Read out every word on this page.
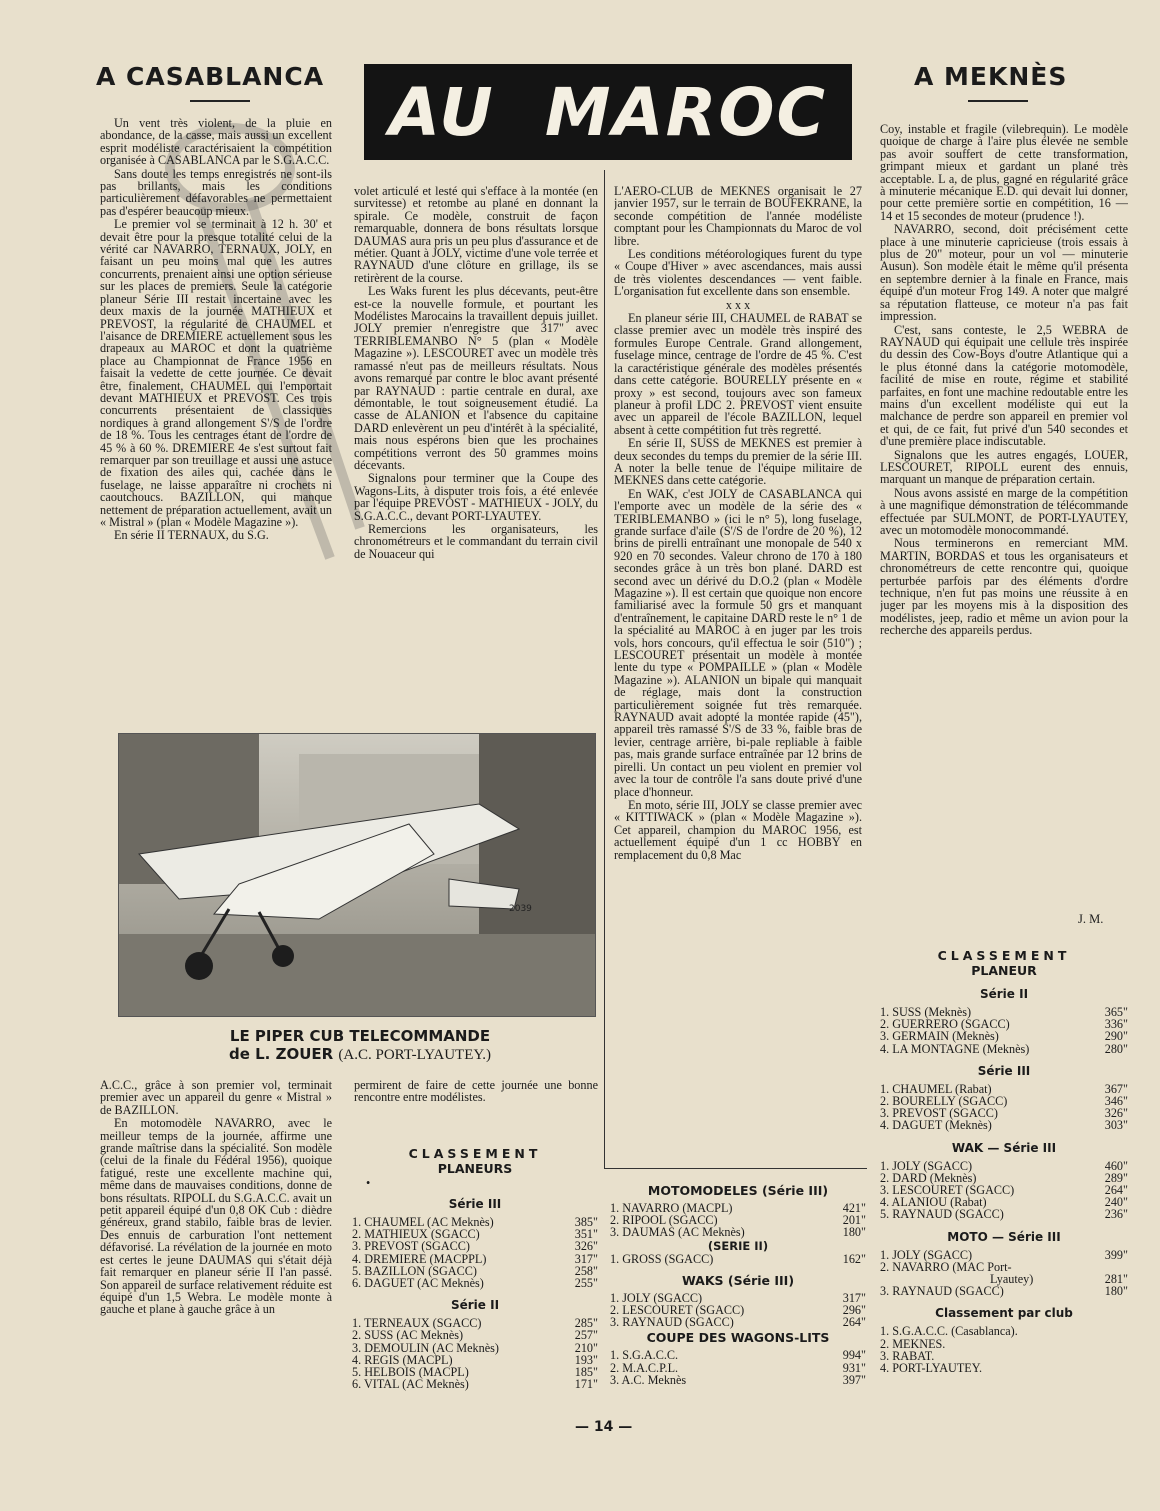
A CASABLANCA AU MAROC	A MEKNÈS

Un vent très violent, de la pluie en abondance, de la casse, mais aussi un excellent esprit modéliste caractérisaient la compétition organisée à CASABLANCA par le S.G.A.C.C.

Sans doute les temps enregistrés ne sont-ils pas brillants, mais les conditions particulièrement défavorables ne permettaient pas d'espérer beaucoup mieux.

Le premier vol se terminait à 12 h. 30' et devait être pour la presque totalité celui de la vérité car NAVARRO, TERNAUX, JOLY, en faisant un peu moins mal que les autres concurrents, prenaient ainsi une option sérieuse sur les places de premiers. Seule la catégorie planeur Série III restait incertaine avec les deux maxis de la journée MATHIEUX et PREVOST, la régularité de CHAUMEL et l'aisance de DREMIERE actuellement sous les drapeaux au MAROC et dont la quatrième place au Championnat de France 1956 en faisait la vedette de cette journée. Ce devait être, finalement, CHAUMEL qui l'emportait devant MATHIEUX et PREVOST. Ces trois concurrents présentaient de classiques nordiques à grand allongement S'/S de l'ordre de 18 %. Tous les centrages étant de l'ordre de 45 % à 60 %. DREMIERE 4e s'est surtout fait remarquer par son treuillage et aussi une astuce de fixation des ailes qui, cachée dans le fuselage, ne laisse apparaître ni crochets ni caoutchoucs. BAZILLON, qui manque nettement de préparation actuellement, avait un « Mistral » (plan « Modèle Magazine »).

En série II TERNAUX, du S.G.

volet articulé et lesté qui s'efface à la montée (en survitesse) et retombe au plané en donnant la spirale. Ce modèle, construit de façon remarquable, donnera de bons résultats lorsque DAUMAS aura pris un peu plus d'assurance et de métier. Quant à JOLY, victime d'une vole terrée et RAYNAUD d'une clôture en grillage, ils se retirèrent de la course.

Les Waks furent les plus décevants, peut-être est-ce la nouvelle formule, et pourtant les Modélistes Marocains la travaillent depuis juillet. JOLY premier n'enregistre que 317" avec TERRIBLEMANBO N° 5 (plan « Modèle Magazine »). LESCOURET avec un modèle très ramassé n'eut pas de meilleurs résultats. Nous avons remarqué par contre le bloc avant présenté par RAYNAUD : partie centrale en dural, axe démontable, le tout soigneusement étudié. La casse de ALANION et l'absence du capitaine DARD enlevèrent un peu d'intérêt à la spécialité, mais nous espérons bien que les prochaines compétitions verront des 50 grammes moins décevants.

Signalons pour terminer que la Coupe des Wagons-Lits, à disputer trois fois, a été enlevée par l'équipe PREVOST - MATHIEUX - JOLY, du S.G.A.C.C., devant PORT-LYAUTEY.

Remercions les organisateurs, les chronométreurs et le commandant du terrain civil de Nouaceur qui

2039
LE PIPER CUB TELECOMMANDE
de L. ZOUER (A.C. PORT-LYAUTEY.)

A.C.C., grâce à son premier vol, terminait premier avec un appareil du genre « Mistral » de BAZILLON.

En motomodèle NAVARRO, avec le meilleur temps de la journée, affirme une grande maîtrise dans la spécialité. Son modèle (celui de la finale du Fédéral 1956), quoique fatigué, reste une excellente machine qui, même dans de mauvaises conditions, donne de bons résultats. RIPOLL du S.G.A.C.C. avait un petit appareil équipé d'un 0,8 OK Cub : dièdre généreux, grand stabilo, faible bras de levier. Des ennuis de carburation l'ont nettement défavorisé. La révélation de la journée en moto est certes le jeune DAUMAS qui s'était déjà fait remarquer en planeur série II l'an passé. Son appareil de surface relativement réduite est équipé d'un 1,5 Webra. Le modèle monte à gauche et plane à gauche grâce à un

permirent de faire de cette journée une bonne rencontre entre modélistes.

CLASSEMENT
PLANEURS
•
Série III
1. CHAUMEL (AC Meknès)	385"
2. MATHIEUX (SGACC)	351"
3. PREVOST (SGACC)	326"
4. DREMIERE (MACPPL)	317"
5. BAZILLON (SGACC)	258"
6. DAGUET (AC Meknès)	255"
Série II
1. TERNEAUX (SGACC)	285"
2. SUSS (AC Meknès)	257"
3. DEMOULIN (AC Meknès)	210"
4. REGIS (MACPL)	193"
5. HELBOIS (MACPL)	185"
6. VITAL (AC Meknès)	171"

L'AERO-CLUB de MEKNES organisait le 27 janvier 1957, sur le terrain de BOUFEKRANE, la seconde compétition de l'année modéliste comptant pour les Championnats du Maroc de vol libre.

Les conditions météorologiques furent du type « Coupe d'Hiver » avec ascendances, mais aussi de très violentes descendances — vent faible. L'organisation fut excellente dans son ensemble.

x x x

En planeur série III, CHAUMEL de RABAT se classe premier avec un modèle très inspiré des formules Europe Centrale. Grand allongement, fuselage mince, centrage de l'ordre de 45 %. C'est la caractéristique générale des modèles présentés dans cette catégorie. BOURELLY présente en « proxy » est second, toujours avec son fameux planeur à profil LDC 2. PREVOST vient ensuite avec un appareil de l'école BAZILLON, lequel absent à cette compétition fut très regretté.

En série II, SUSS de MEKNES est premier à deux secondes du temps du premier de la série III. A noter la belle tenue de l'équipe militaire de MEKNES dans cette catégorie.

En WAK, c'est JOLY de CASABLANCA qui l'emporte avec un modèle de la série des « TERIBLEMANBO » (ici le n° 5), long fuselage, grande surface d'aile (S'/S de l'ordre de 20 %), 12 brins de pirelli entraînant une monopale de 540 x 920 en 70 secondes. Valeur chrono de 170 à 180 secondes grâce à un très bon plané. DARD est second avec un dérivé du D.O.2 (plan « Modèle Magazine »). Il est certain que quoique non encore familiarisé avec la formule 50 grs et manquant d'entraînement, le capitaine DARD reste le n° 1 de la spécialité au MAROC à en juger par les trois vols, hors concours, qu'il effectua le soir (510") ; LESCOURET présentait un modèle à montée lente du type « POMPAILLE » (plan « Modèle Magazine »). ALANION un bipale qui manquait de réglage, mais dont la construction particulièrement soignée fut très remarquée. RAYNAUD avait adopté la montée rapide (45"), appareil très ramassé S'/S de 33 %, faible bras de levier, centrage arrière, bi-pale repliable à faible pas, mais grande surface entraînée par 12 brins de pirelli. Un contact un peu violent en premier vol avec la tour de contrôle l'a sans doute privé d'une place d'honneur.

En moto, série III, JOLY se classe premier avec « KITTIWACK » (plan « Modèle Magazine »). Cet appareil, champion du MAROC 1956, est actuellement équipé d'un 1 cc HOBBY en remplacement du 0,8 Mac

MOTOMODELES (Série III)
1. NAVARRO (MACPL)	421"
2. RIPOOL (SGACC)	201"
3. DAUMAS (AC Meknès)	180"
(SERIE II)
1. GROSS (SGACC)	162"
WAKS (Série III)
1. JOLY (SGACC)	317"
2. LESCOURET (SGACC)	296"
3. RAYNAUD (SGACC)	264"
COUPE DES WAGONS-LITS
1. S.G.A.C.C.	994"
2. M.A.C.P.L.	931"
3. A.C. Meknès	397"

Coy, instable et fragile (vilebrequin). Le modèle quoique de charge à l'aire plus élevée ne semble pas avoir souffert de cette transformation, grimpant mieux et gardant un plané très acceptable. L a, de plus, gagné en régularité grâce à minuterie mécanique E.D. qui devait lui donner, pour cette première sortie en compétition, 16 — 14 et 15 secondes de moteur (prudence !).

NAVARRO, second, doit précisément cette place à une minuterie capricieuse (trois essais à plus de 20" moteur, pour un vol — minuterie Ausun). Son modèle était le même qu'il présenta en septembre dernier à la finale en France, mais équipé d'un moteur Frog 149. A noter que malgré sa réputation flatteuse, ce moteur n'a pas fait impression.

C'est, sans conteste, le 2,5 WEBRA de RAYNAUD qui équipait une cellule très inspirée du dessin des Cow-Boys d'outre Atlantique qui a le plus étonné dans la catégorie motomodèle, facilité de mise en route, régime et stabilité parfaites, en font une machine redoutable entre les mains d'un excellent modéliste qui eut la malchance de perdre son appareil en premier vol et qui, de ce fait, fut privé d'un 540 secondes et d'une première place indiscutable.

Signalons que les autres engagés, LOUER, LESCOURET, RIPOLL eurent des ennuis, marquant un manque de préparation certain.

Nous avons assisté en marge de la compétition à une magnifique démonstration de télécommande effectuée par SULMONT, de PORT-LYAUTEY, avec un motomodèle monocommandé.

Nous terminerons en remerciant MM. MARTIN, BORDAS et tous les organisateurs et chronométreurs de cette rencontre qui, quoique perturbée parfois par des éléments d'ordre technique, n'en fut pas moins une réussite à en juger par les moyens mis à la disposition des modélistes, jeep, radio et même un avion pour la recherche des appareils perdus.

J. M.
CLASSEMENT
PLANEUR
Série II
1. SUSS (Meknès)	365"
2. GUERRERO (SGACC)	336"
3. GERMAIN (Meknès)	290"
4. LA MONTAGNE (Meknès)	280"
Série III
1. CHAUMEL (Rabat)	367"
2. BOURELLY (SGACC)	346"
3. PREVOST (SGACC)	326"
4. DAGUET (Meknès)	303"
WAK — Série III
1. JOLY (SGACC)	460"
2. DARD (Meknès)	289"
3. LESCOURET (SGACC)	264"
4. ALANIOU (Rabat)	240"
5. RAYNAUD (SGACC)	236"
MOTO — Série III
1. JOLY (SGACC)	399"
2. NAVARRO (MAC Port-
Lyautey)	281"
3. RAYNAUD (SGACC)	180"
Classement par club
1. S.G.A.C.C. (Casablanca).
2. MEKNES.
3. RABAT.
4. PORT-LYAUTEY.
— 14 —
